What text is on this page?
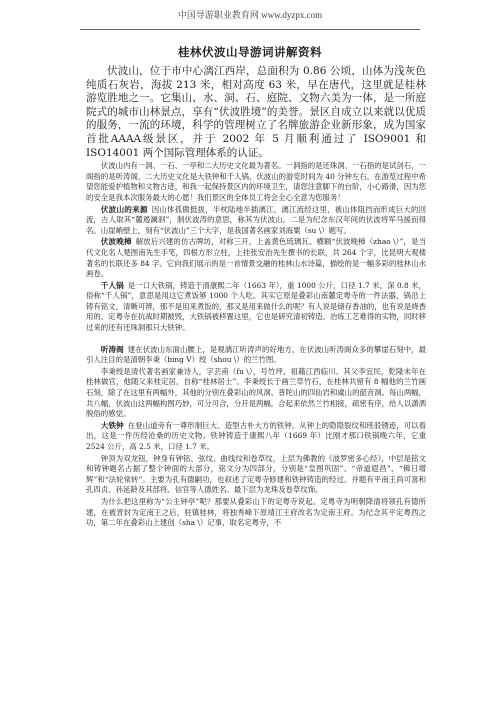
中国导游职业教育网 www.dyzpx.com
桂林伏波山导游词讲解资料

伏波山，位于市中心漓江西岸，总面积为 0.86 公顷，山体为浅灰色纯质石灰岩，海拔 213 米，相对高度 63 米，早在唐代，这里就是桂林游览胜地之一。它集山、水、洞、石、庭院、文物六美为一体，是一所庭院式的城市山林景点，享有“伏波胜境”的美誉。景区自成立以来就以优质的服务，一流的环境，科学的管理树立了名牌旅游企业新形象，成为国家首批AAAA级景区，并于 2002 年 5 月顺利通过了 ISO9001 和 ISO14001 两个国际管理体系的认证。

伏波山内有一洞、一石、一亭和二大历史文化最为著名。一洞指的是还珠洞，一石指的是试剑石，一阁指的是听涛阁，二大历史文化是大铁钟和千人锅，伏波山的游览时间为 40 分钟左右。在游览过程中希望您能爱护植物和文物古迹，和我一起保持景区内的环境卫生，请您注意脚下的台阶，小心路滑，因为您的安全是我本次服务最大的心愿！我们景区的全体员工将会全心全意为您服务！

伏波山的来源 因山体孤傲挺拔，半枕陆地半插漓江，漓江流经这里，被山体阻挡而形成巨大的回流，古人取其“麓遏澜洄”，制伏波涛的意思，称其为伏波山。二是为纪念东汉年间的伏波将军马援而得名。山崖峭壁上，刻有“伏波山”三个大字，是我国著名画家刘海粟（su \）题写。

伏波晚樟 解放后兴建的仿古牌坊，对称三开，上盖黄色琉璃瓦。横额“伏波晚樟（zhao \）”，是当代文化名人楚图南先生手笔，四根方形立柱，上挂张安治先生撰书的长联，共 264 个字，比昆明大观楼著名的长联还多 84 字。它向我们展示的是一首情景交融的桂林山水诗篇，描绘的是一幅多彩的桂林山水画卷。

千人锅 是一口大铁锅，铸造于清康熙二年（1663 年），重 1000 公斤，口径 1.7 米，深 0.8 米，俗称“千人锅”，意思是用这它煮饭够 1000 个人吃。其实它原是叠彩山南麓定粤寺的一件法器，锅沿上铸有铭文，清晰可辨，那不是用来煮饭的，那又是用来做什么的呢？有人说是储存香油的，也有说是烧香用的。定粤寺在抗战时期被毁，大铁锅被移置这里，它也是研究清初铸造、冶炼工艺难得的实物，同时移过来的还有还珠洞那只大铁钟。

听涛阁 建在伏波山东面山腰上，是观漓江听涛声的好地方，在伏波山听涛阁众多的攀崖石刻中，最引人注目的是清朝李秉（bing V）绶（shou \）的兰竹图。

李秉绶是清代著名画家兼诗人，字芸甫（fu \），号竹坪，祖籍江西临川。其父李宜民，乾隆末年在桂林做官，他随父来桂定居，自称“桂林居士”。李秉绶长于画兰草竹石，在桂林共留有 8 幅他的兰竹画石刻，除了在这里有两幅外，其他的分别在叠彩山的风洞、普陀山的四仙岩和虞山的韶音洞。每山两幅，共八幅，伏波山这两幅构图巧妙，可分可合，分开是两幅，合起来依然兰竹相接，疏密有序，给人以潇洒脱俗的感觉。

大铁钟 在登山道旁有一尊形制巨大、造型古朴大方的铁钟。从钟上的隐隐裂纹和班驳锈迹，可以看出，这是一件历经沧桑的历史文物。铁钟铸造于康熙八年（1669 年）比刚才那口铁锅晚六年，它重 2524 公斤，高 2.5 米，口径 1.7 米。

钟顶为双龙钮，钟身有钟铭、弦纹、曲线纹和卷草纹，上层为佛教的《波罗密多心经》，中层是铭文和铸钟题名占据了整个钟面的大部分，铭文分为四部分，分别是“皇图巩固”、“帝道遐昌”、“佛日增辉”和“法轮常转”。主要为孔有德嗣功，也叙述了定粤寺修建和铁钟铸造的经过。并题有平南王尚可喜和孔四贞、孙延龄及其部将、信官等人德姓名。最下层为龙珠及卷草纹饰。

为什么把这里称为“公主钟亭”呢？那要从叠彩山下的定粤寺说起。定粤寺为明朝降清将领孔有德所建，在被晋封为定南王之后，驻镇桂林，将独秀峰下原靖江王府改名为定南王府。为纪念其平定粤西之功，第二年在叠彩山上建创（sha \）记事，取名定粤寺，不
